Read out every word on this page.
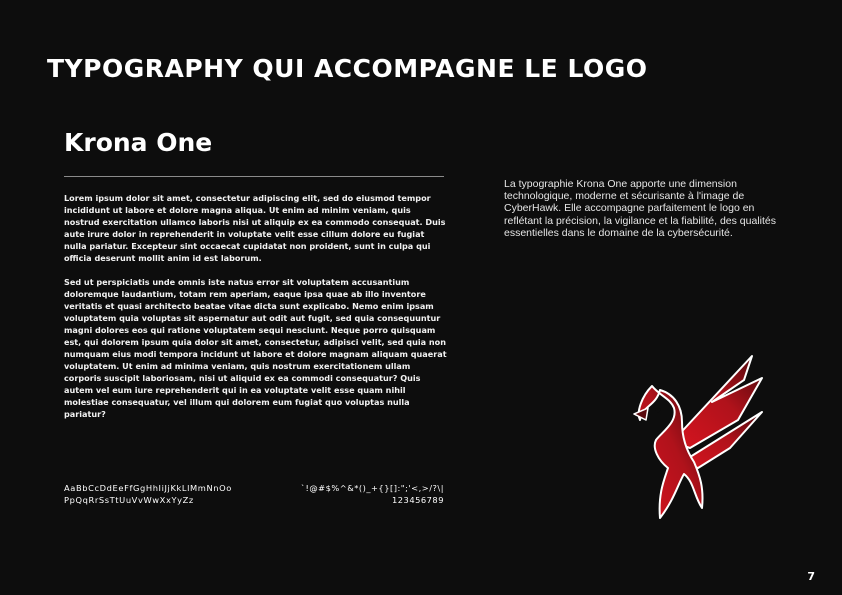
TYPOGRAPHY QUI ACCOMPAGNE LE LOGO
Krona One

Lorem ipsum dolor sit amet, consectetur adipiscing elit, sed do eiusmod tempor incididunt ut labore et dolore magna aliqua. Ut enim ad minim veniam, quis nostrud exercitation ullamco laboris nisi ut aliquip ex ea commodo consequat. Duis aute irure dolor in reprehenderit in voluptate velit esse cillum dolore eu fugiat nulla pariatur. Excepteur sint occaecat cupidatat non proident, sunt in culpa qui officia deserunt mollit anim id est laborum.

Sed ut perspiciatis unde omnis iste natus error sit voluptatem accusantium doloremque laudantium, totam rem aperiam, eaque ipsa quae ab illo inventore veritatis et quasi architecto beatae vitae dicta sunt explicabo. Nemo enim ipsam voluptatem quia voluptas sit aspernatur aut odit aut fugit, sed quia consequuntur magni dolores eos qui ratione voluptatem sequi nesciunt. Neque porro quisquam est, qui dolorem ipsum quia dolor sit amet, consectetur, adipisci velit, sed quia non numquam eius modi tempora incidunt ut labore et dolore magnam aliquam quaerat voluptatem. Ut enim ad minima veniam, quis nostrum exercitationem ullam corporis suscipit laboriosam, nisi ut aliquid ex ea commodi consequatur? Quis autem vel eum iure reprehenderit qui in ea voluptate velit esse quam nihil molestiae consequatur, vel illum qui dolorem eum fugiat quo voluptas nulla pariatur?

AaBbCcDdEeFfGgHhIiJjKkLlMmNnOo
PpQqRrSsTtUuVvWwXxYyZz
`!@#$%^&*()_+{}[]:";'<,>/?\|
123456789
La typographie Krona One apporte une dimension technologique, moderne et sécurisante à l'image de CyberHawk. Elle accompagne parfaitement le logo en reflétant la précision, la vigilance et la fiabilité, des qualités essentielles dans le domaine de la cybersécurité.
7
